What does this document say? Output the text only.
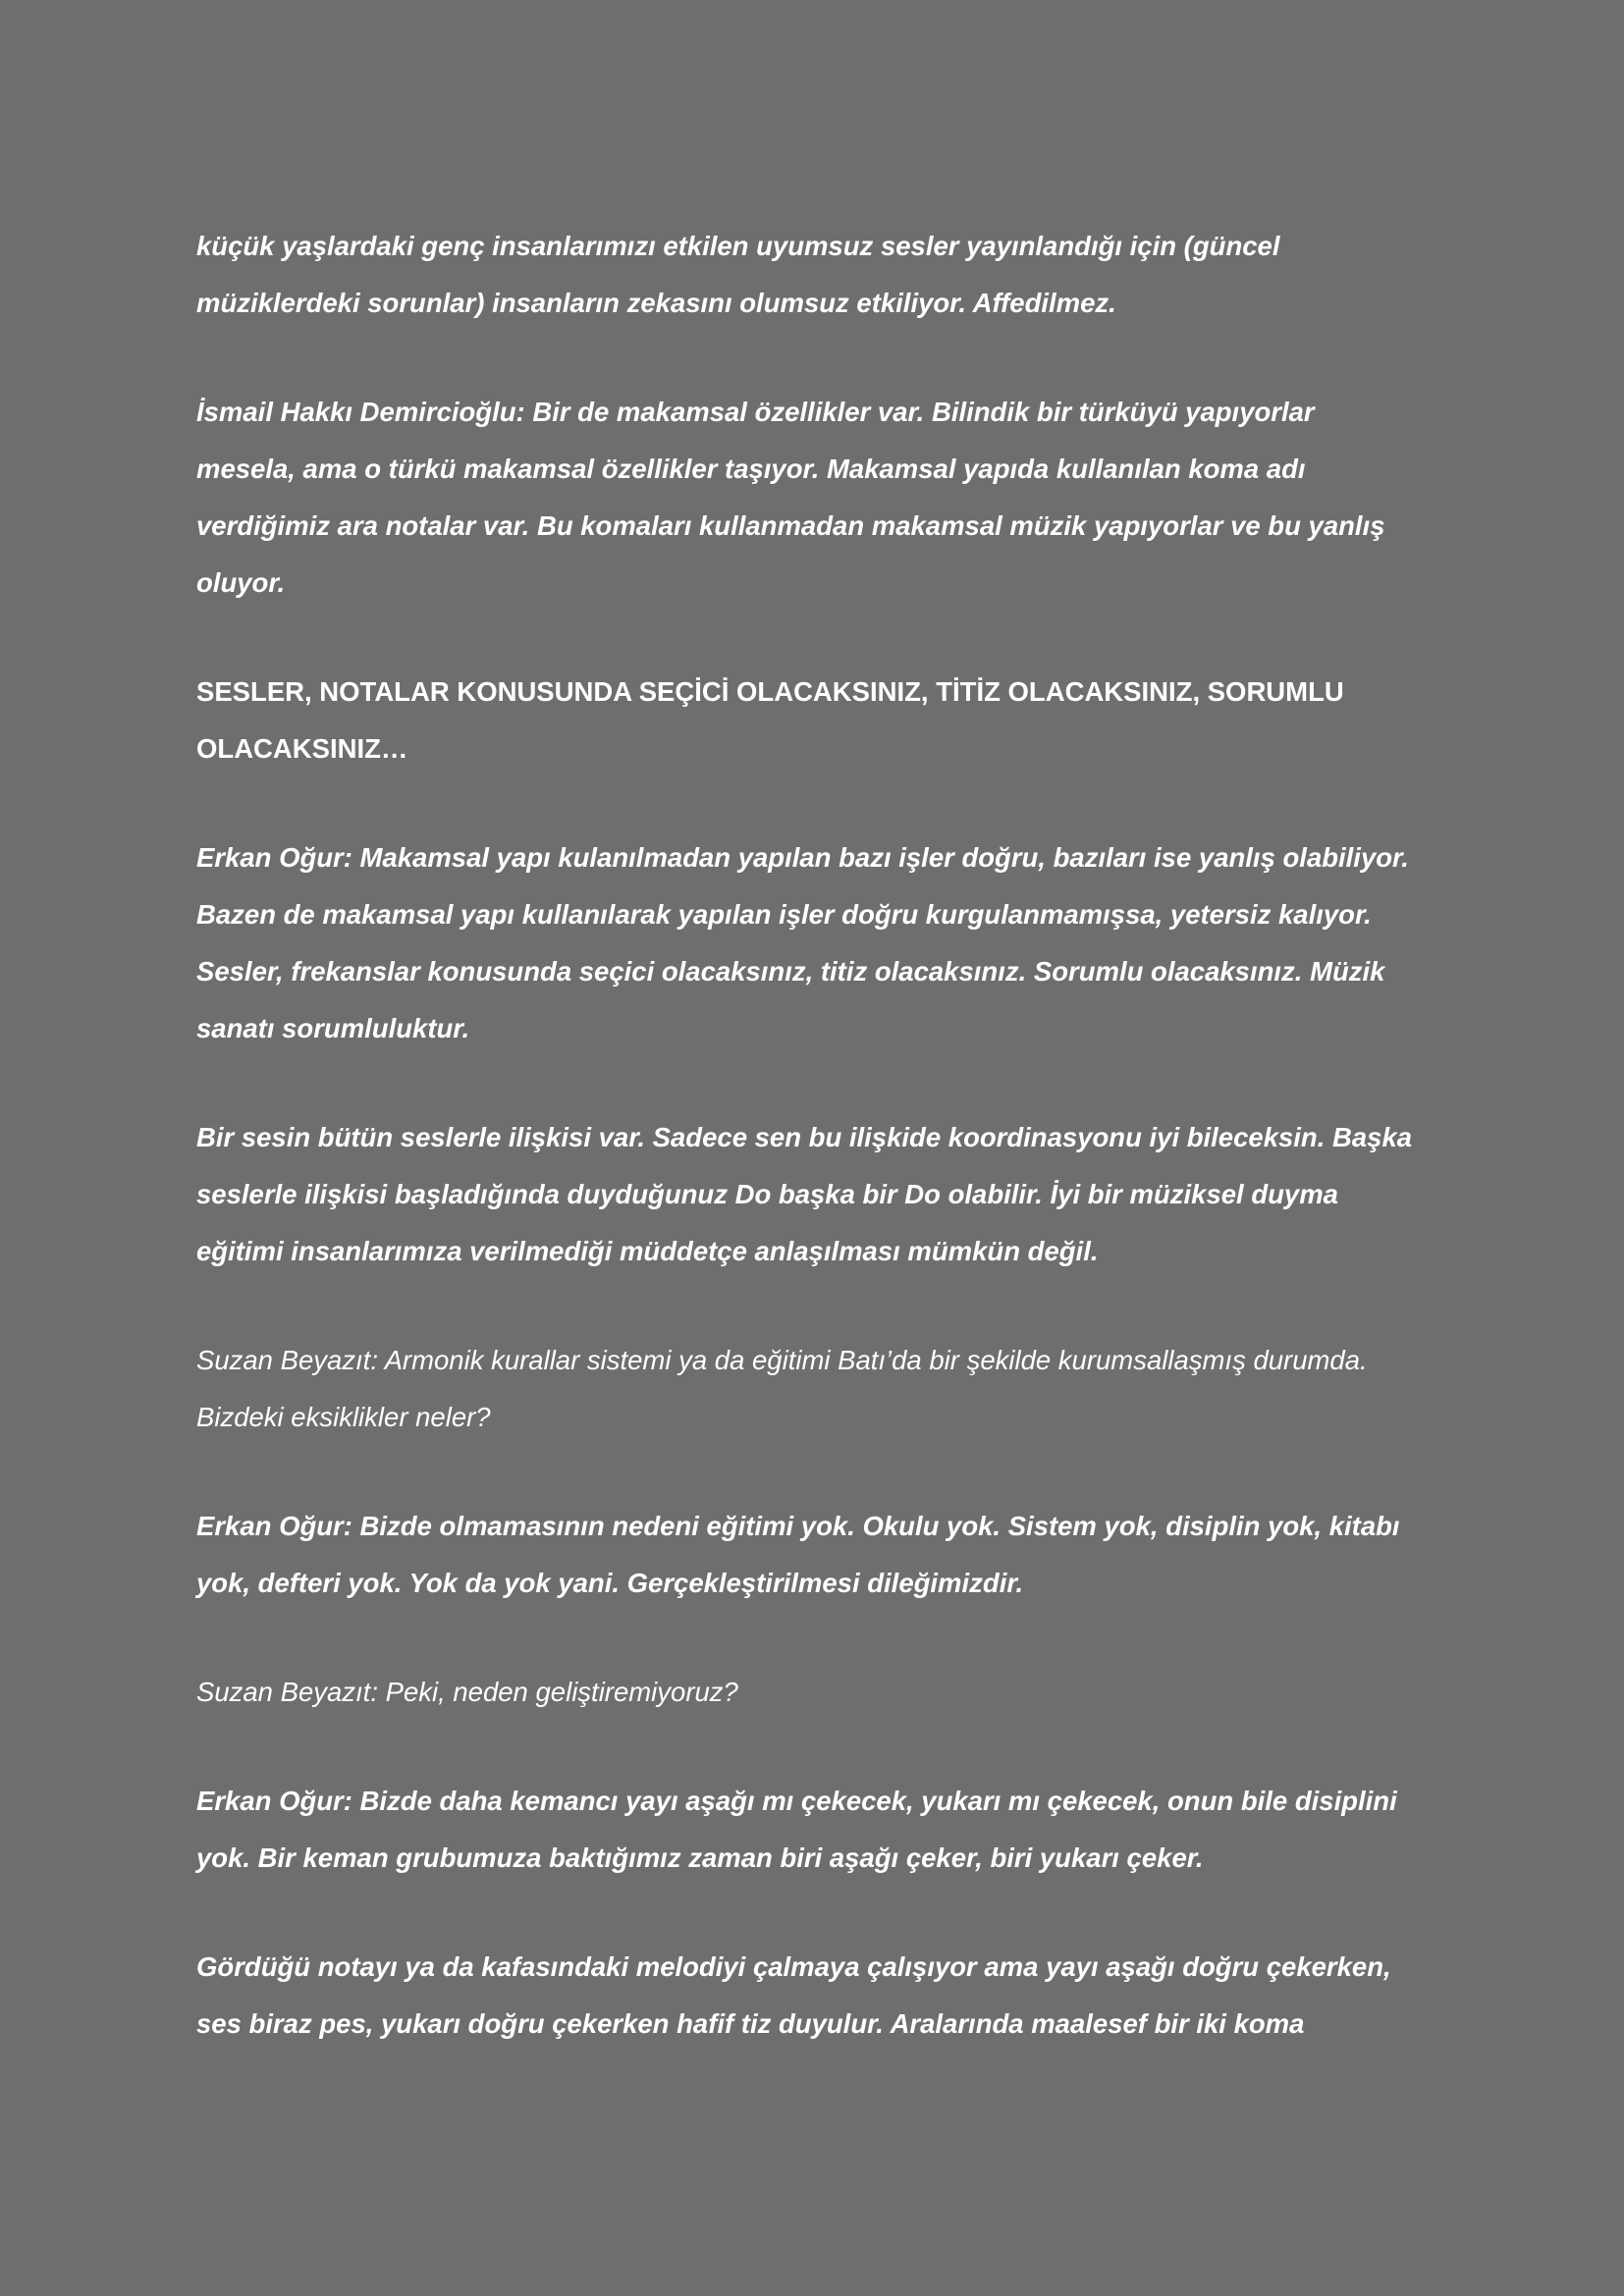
küçük yaşlardaki genç insanlarımızı etkilen uyumsuz sesler yayınlandığı için (güncel
müziklerdeki sorunlar) insanların zekasını olumsuz etkiliyor. Affedilmez.

İsmail Hakkı Demircioğlu: Bir de makamsal özellikler var. Bilindik bir türküyü yapıyorlar
mesela, ama o türkü makamsal özellikler taşıyor. Makamsal yapıda kullanılan koma adı
verdiğimiz ara notalar var. Bu komaları kullanmadan makamsal müzik yapıyorlar ve bu yanlış
oluyor.

SESLER, NOTALAR KONUSUNDA SEÇİCİ OLACAKSINIZ, TİTİZ OLACAKSINIZ, SORUMLU
OLACAKSINIZ…

Erkan Oğur: Makamsal yapı kulanılmadan yapılan bazı işler doğru, bazıları ise yanlış olabiliyor.
Bazen de makamsal yapı kullanılarak yapılan işler doğru kurgulanmamışsa, yetersiz kalıyor.
Sesler, frekanslar konusunda seçici olacaksınız, titiz olacaksınız. Sorumlu olacaksınız. Müzik
sanatı sorumluluktur.

Bir sesin bütün seslerle ilişkisi var. Sadece sen bu ilişkide koordinasyonu iyi bileceksin. Başka
seslerle ilişkisi başladığında duyduğunuz Do başka bir Do olabilir. İyi bir müziksel duyma
eğitimi insanlarımıza verilmediği müddetçe anlaşılması mümkün değil.

Suzan Beyazıt: Armonik kurallar sistemi ya da eğitimi Batı’da bir şekilde kurumsallaşmış durumda.
Bizdeki eksiklikler neler?

Erkan Oğur: Bizde olmamasının nedeni eğitimi yok. Okulu yok. Sistem yok, disiplin yok, kitabı
yok, defteri yok. Yok da yok yani. Gerçekleştirilmesi dileğimizdir.

Suzan Beyazıt: Peki, neden geliştiremiyoruz?

Erkan Oğur: Bizde daha kemancı yayı aşağı mı çekecek, yukarı mı çekecek, onun bile disiplini
yok. Bir keman grubumuza baktığımız zaman biri aşağı çeker, biri yukarı çeker.

Gördüğü notayı ya da kafasındaki melodiyi çalmaya çalışıyor ama yayı aşağı doğru çekerken,
ses biraz pes, yukarı doğru çekerken hafif tiz duyulur. Aralarında maalesef bir iki koma
